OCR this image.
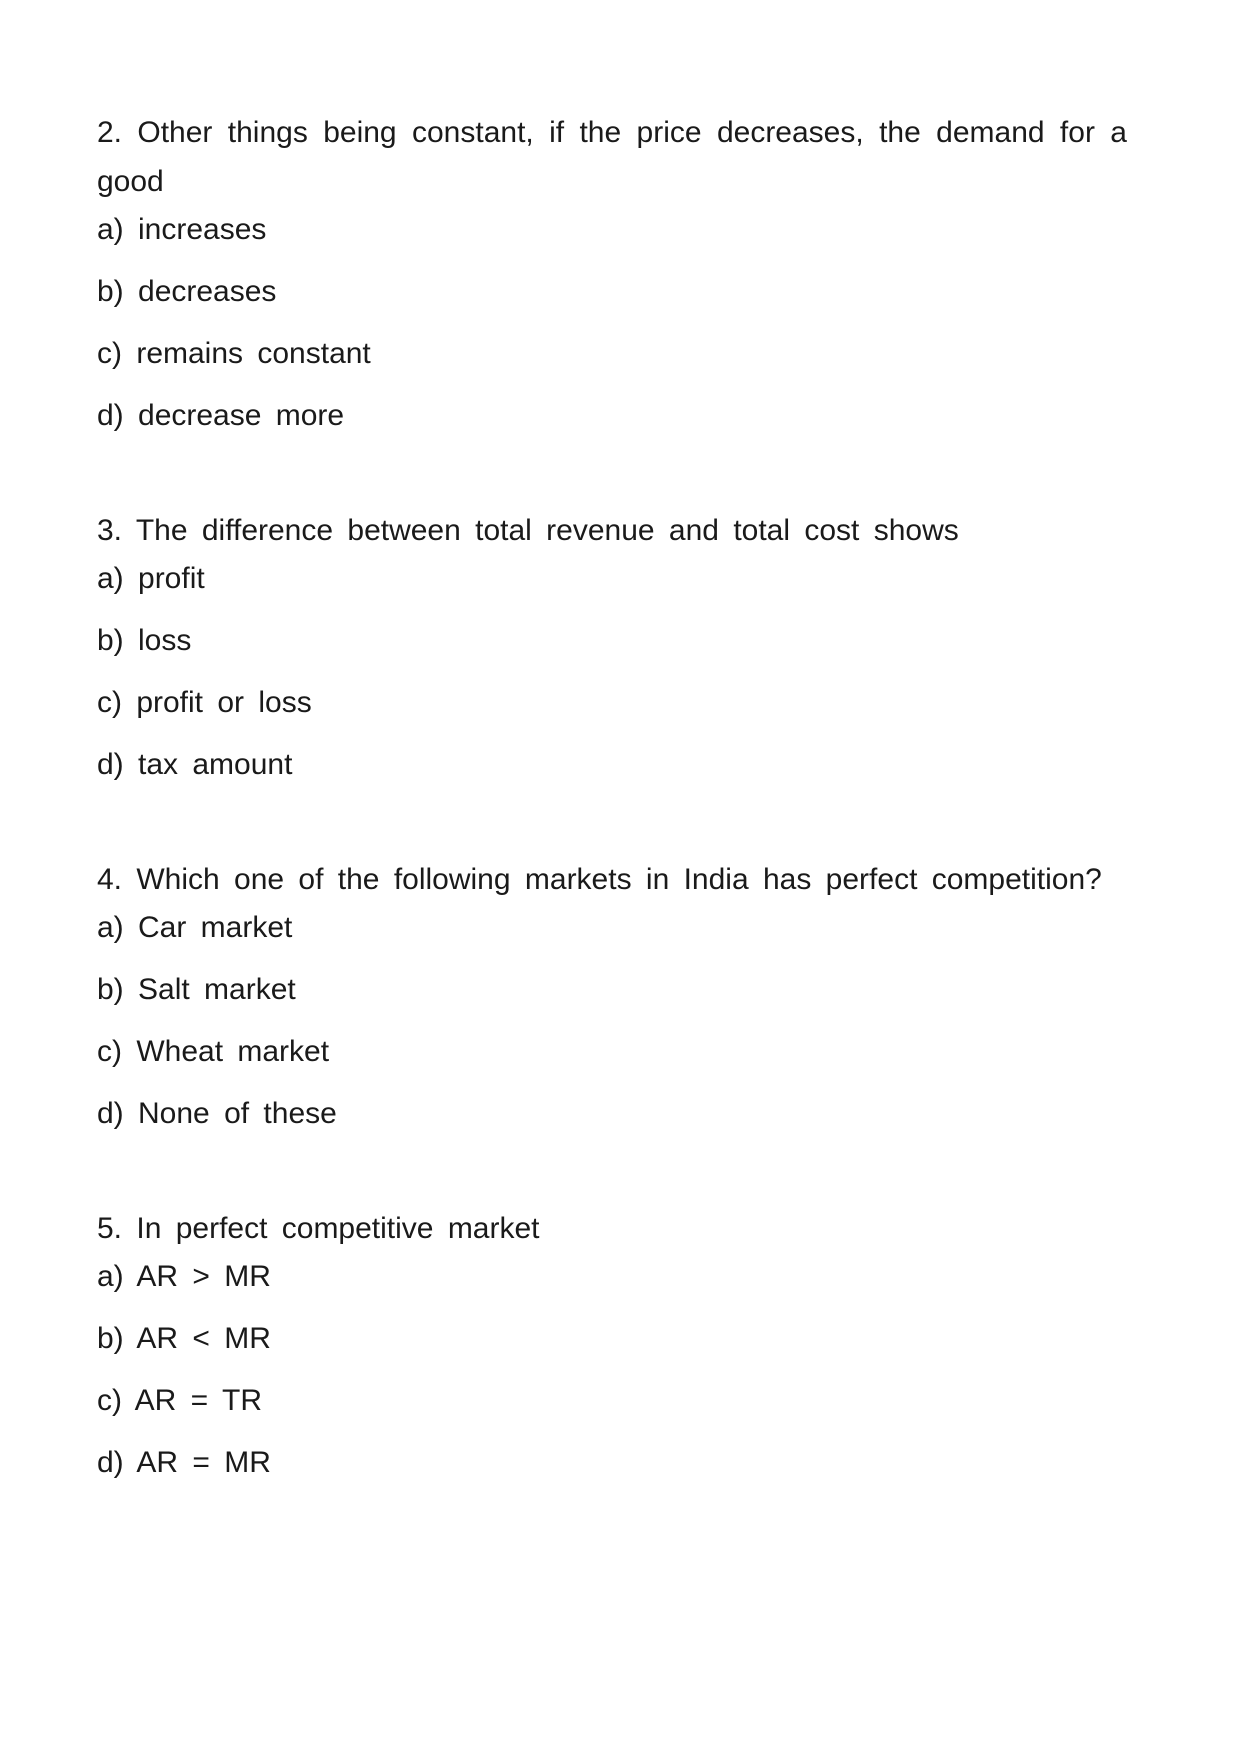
2. Other things being constant, if the price decreases, the demand for a good
a) increases
b) decreases
c) remains constant
d) decrease more
3. The difference between total revenue and total cost shows
a) profit
b) loss
c) profit or loss
d) tax amount
4. Which one of the following markets in India has perfect competition?
a) Car market
b) Salt market
c) Wheat market
d) None of these
5. In perfect competitive market
a) AR > MR
b) AR < MR
c) AR = TR
d) AR = MR
